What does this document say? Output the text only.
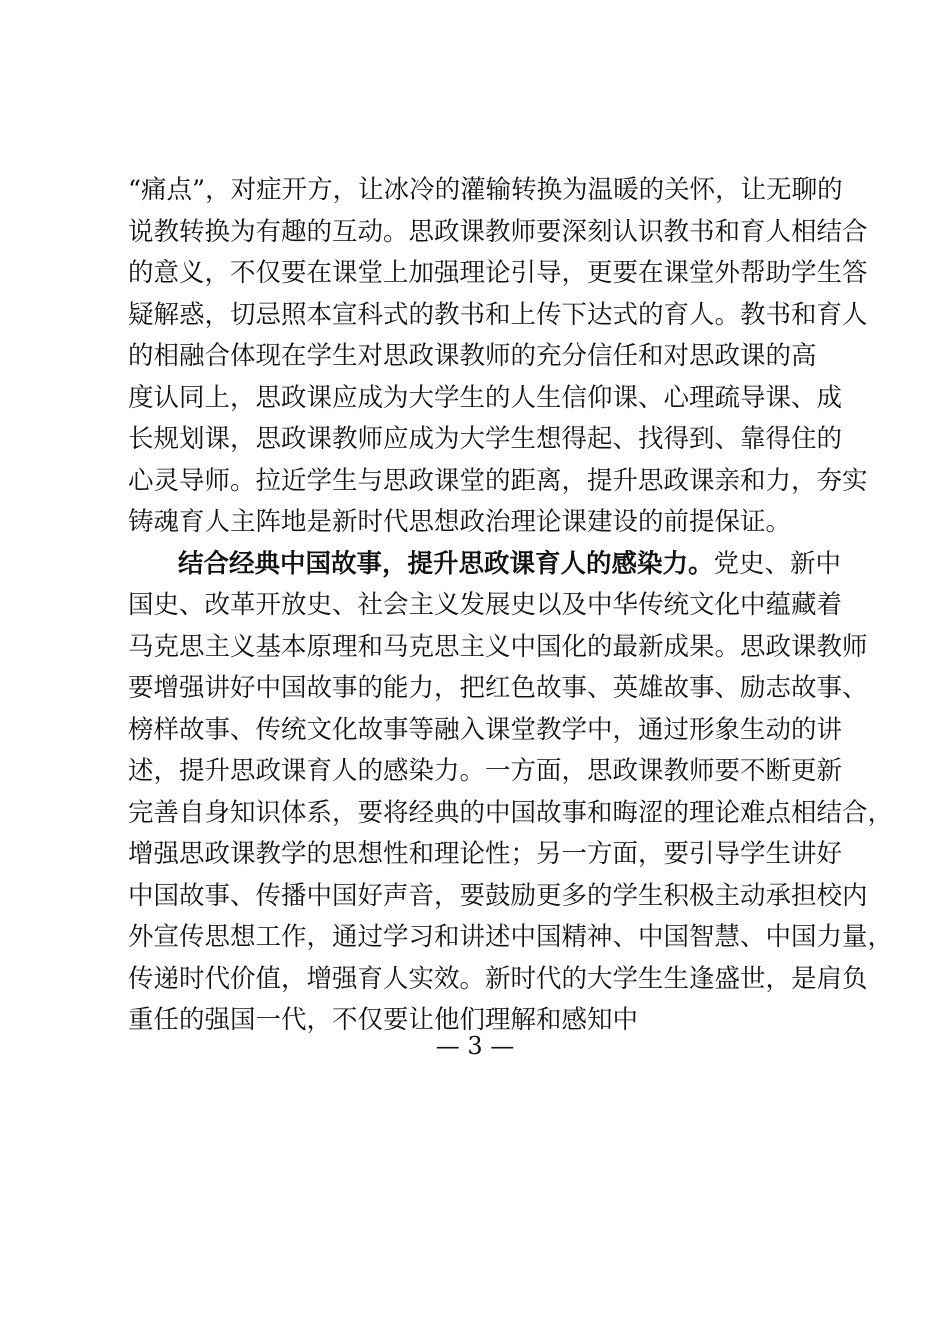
“痛点”，对症开方，让冰冷的灌输转换为温暖的关怀，让无聊的
说教转换为有趣的互动。思政课教师要深刻认识教书和育人相结合
的意义，不仅要在课堂上加强理论引导，更要在课堂外帮助学生答
疑解惑，切忌照本宣科式的教书和上传下达式的育人。教书和育人
的相融合体现在学生对思政课教师的充分信任和对思政课的高
度认同上，思政课应成为大学生的人生信仰课、心理疏导课、成
长规划课，思政课教师应成为大学生想得起、找得到、靠得住的
心灵导师。拉近学生与思政课堂的距离，提升思政课亲和力，夯实
铸魂育人主阵地是新时代思想政治理论课建设的前提保证。
结合经典中国故事，提升思政课育人的感染力。党史、新中
国史、改革开放史、社会主义发展史以及中华传统文化中蕴藏着
马克思主义基本原理和马克思主义中国化的最新成果。思政课教师
要增强讲好中国故事的能力，把红色故事、英雄故事、励志故事、
榜样故事、传统文化故事等融入课堂教学中，通过形象生动的讲
述，提升思政课育人的感染力。一方面，思政课教师要不断更新
完善自身知识体系，要将经典的中国故事和晦涩的理论难点相结合，
增强思政课教学的思想性和理论性；另一方面，要引导学生讲好
中国故事、传播中国好声音，要鼓励更多的学生积极主动承担校内
外宣传思想工作，通过学习和讲述中国精神、中国智慧、中国力量，
传递时代价值，增强育人实效。新时代的大学生生逢盛世，是肩负
重任的强国一代，不仅要让他们理解和感知中
— 3 —
